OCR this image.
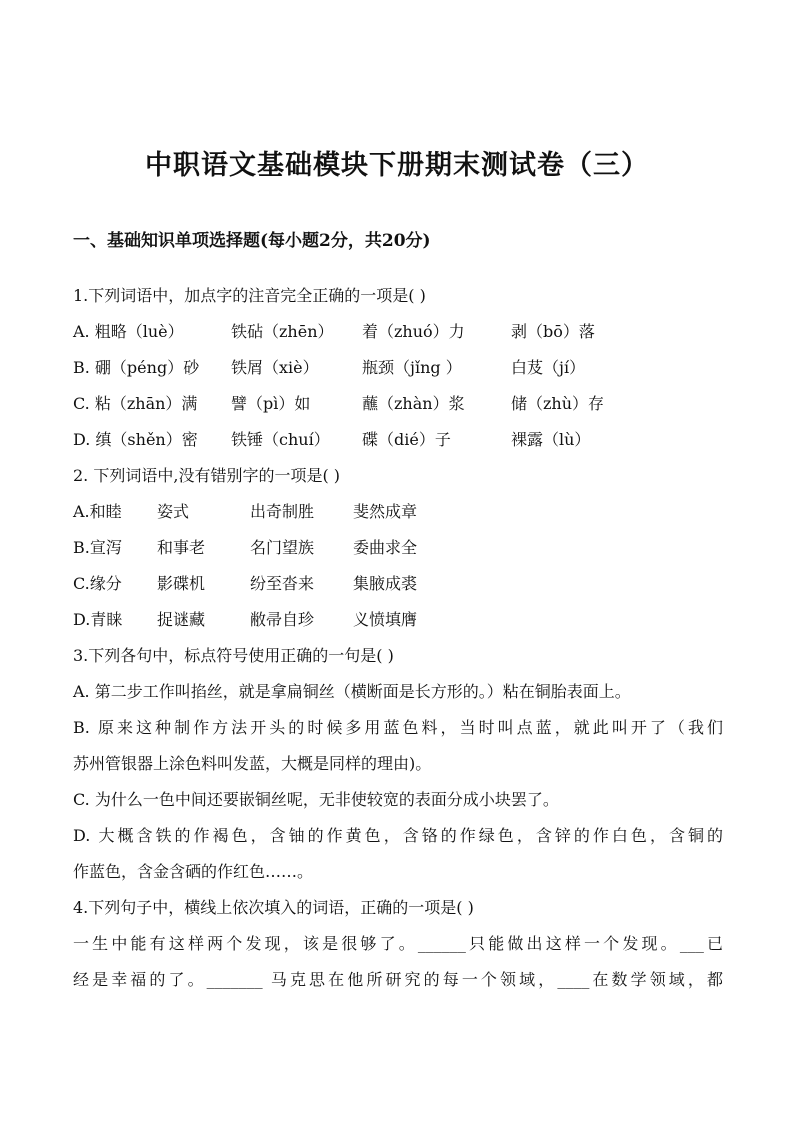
中职语文基础模块下册期末测试卷（三）
一、基础知识单项选择题(每小题2分，共20分)
1.下列词语中，加点字的注音完全正确的一项是( )
A. 粗略（luè）	铁砧（zhēn） 着（zhuó）力	剥（bō）落
B. 硼（péng）砂 铁屑（xiè）	瓶颈（jǐng ）	白芨（jí）
C. 粘（zhān）满 譬（pì）如	蘸（zhàn）浆	储（zhù）存
D. 缜（shěn）密 铁锤（chuí） 碟（dié）子	裸露（lù）
2. 下列词语中,没有错别字的一项是( )
A.和睦 姿式	出奇制胜 斐然成章
B.宣泻 和事老	名门望族 委曲求全
C.缘分 影碟机	纷至沓来 集腋成裘
D.青睐 捉谜藏	敝帚自珍 义愤填膺
3.下列各句中，标点符号使用正确的一句是( )
A. 第二步工作叫掐丝，就是拿扁铜丝（横断面是长方形的。）粘在铜胎表面上。
B. 原来这种制作方法开头的时候多用蓝色料，当时叫点蓝，就此叫开了（我们
苏州管银器上涂色料叫发蓝，大概是同样的理由)。
C. 为什么一色中间还要嵌铜丝呢，无非使较宽的表面分成小块罢了。
D. 大概含铁的作褐色，含铀的作黄色，含铬的作绿色，含锌的作白色，含铜的
作蓝色，含金含硒的作红色……。
4.下列句子中，横线上依次填入的词语，正确的一项是( )
一生中能有这样两个发现，该是很够了。______只能做出这样一个发现。___已
经是幸福的了。_______ 马克思在他所研究的每一个领域，____在数学领域，都
